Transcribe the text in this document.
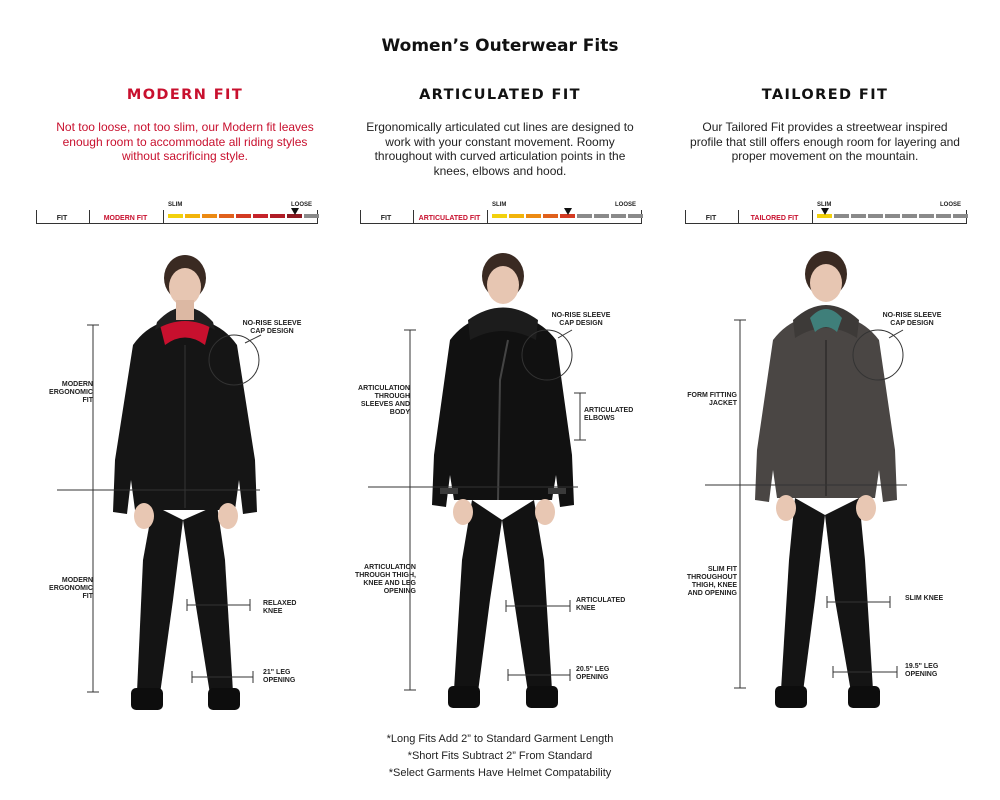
Women’s Outerwear Fits
MODERN FIT
Not too loose, not too slim, our Modern fit leaves enough room to accommodate all riding styles without sacrificing style.
SLIM	LOOSE
FIT	MODERN FIT
MODERN ERGONOMIC FIT
NO-RISE SLEEVE CAP DESIGN
MODERN ERGONOMIC FIT
RELAXED KNEE
21" LEG OPENING
ARTICULATED FIT
Ergonomically articulated cut lines are designed to work with your constant movement. Roomy throughout with curved articulation points in the knees, elbows and hood.
SLIM	LOOSE
FIT	ARTICULATED FIT
ARTICULATION THROUGH SLEEVES AND BODY
NO-RISE SLEEVE CAP DESIGN
ARTICULATED ELBOWS
ARTICULATION THROUGH THIGH, KNEE AND LEG OPENING
ARTICULATED KNEE
20.5" LEG OPENING
TAILORED FIT
Our Tailored Fit provides a streetwear inspired profile that still offers enough room for layering and proper movement on the mountain.
SLIM	LOOSE
FIT	TAILORED FIT
FORM FITTING JACKET
NO-RISE SLEEVE CAP DESIGN
SLIM FIT THROUGHOUT THIGH, KNEE AND OPENING
SLIM KNEE
19.5" LEG OPENING
*Long Fits Add 2” to Standard Garment Length
*Short Fits Subtract 2” From Standard
*Select Garments Have Helmet Compatability
